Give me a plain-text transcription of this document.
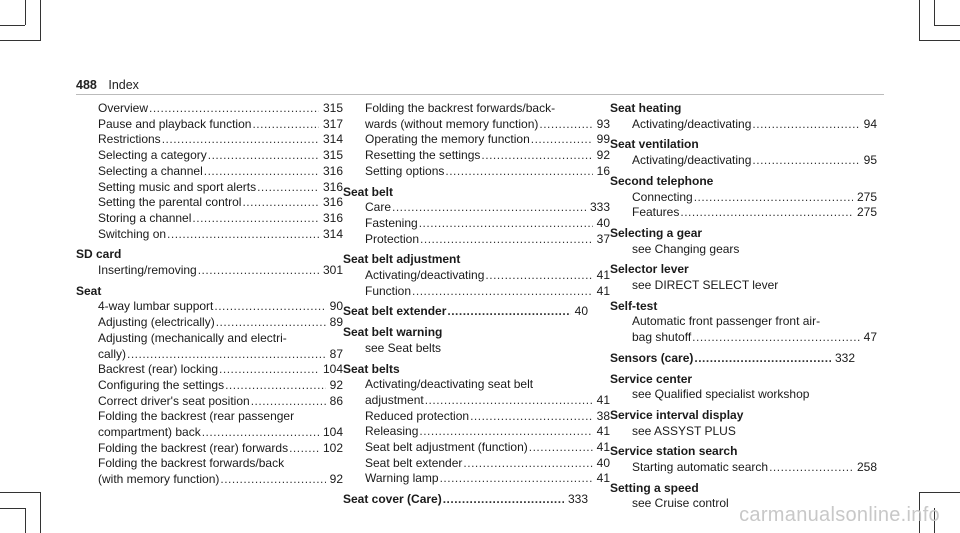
488 Index
Overview .....	315
Pause and playback function .....	317
Restrictions .....	314
Selecting a category .....	315
Selecting a channel .....	316
Setting music and sport alerts .....	316
Setting the parental control .....	316
Storing a channel .....	316
Switching on .....	314
SD card
Inserting/removing .....	301
Seat
4-way lumbar support .....	90
Adjusting (electrically) .....	89
Adjusting (mechanically and electri-
cally) .....	87
Backrest (rear) locking .....	104
Configuring the settings .....	92
Correct driver's seat position .....	86
Folding the backrest (rear passenger
compartment) back .....	104
Folding the backrest (rear) forwards .....	102
Folding the backrest forwards/back
(with memory function) .....	92
Folding the backrest forwards/back-
wards (without memory function) .....	93
Operating the memory function .....	99
Resetting the settings .....	92
Setting options .....	16
Seat belt
Care .....	333
Fastening .....	40
Protection .....	37
Seat belt adjustment
Activating/deactivating .....	41
Function .....	41
Seat belt extender .....	40
Seat belt warning
see Seat belts
Seat belts
Activating/deactivating seat belt
adjustment .....	41
Reduced protection .....	38
Releasing .....	41
Seat belt adjustment (function) .....	41
Seat belt extender .....	40
Warning lamp .....	41
Seat cover (Care) .....	333
Seat heating
Activating/deactivating .....	94
Seat ventilation
Activating/deactivating .....	95
Second telephone
Connecting .....	275
Features .....	275
Selecting a gear
see Changing gears
Selector lever
see DIRECT SELECT lever
Self-test
Automatic front passenger front air-
bag shutoff .....	47
Sensors (care) .....	332
Service center
see Qualified specialist workshop
Service interval display
see ASSYST PLUS
Service station search
Starting automatic search .....	258
Setting a speed
see Cruise control
carmanualsonline.info
